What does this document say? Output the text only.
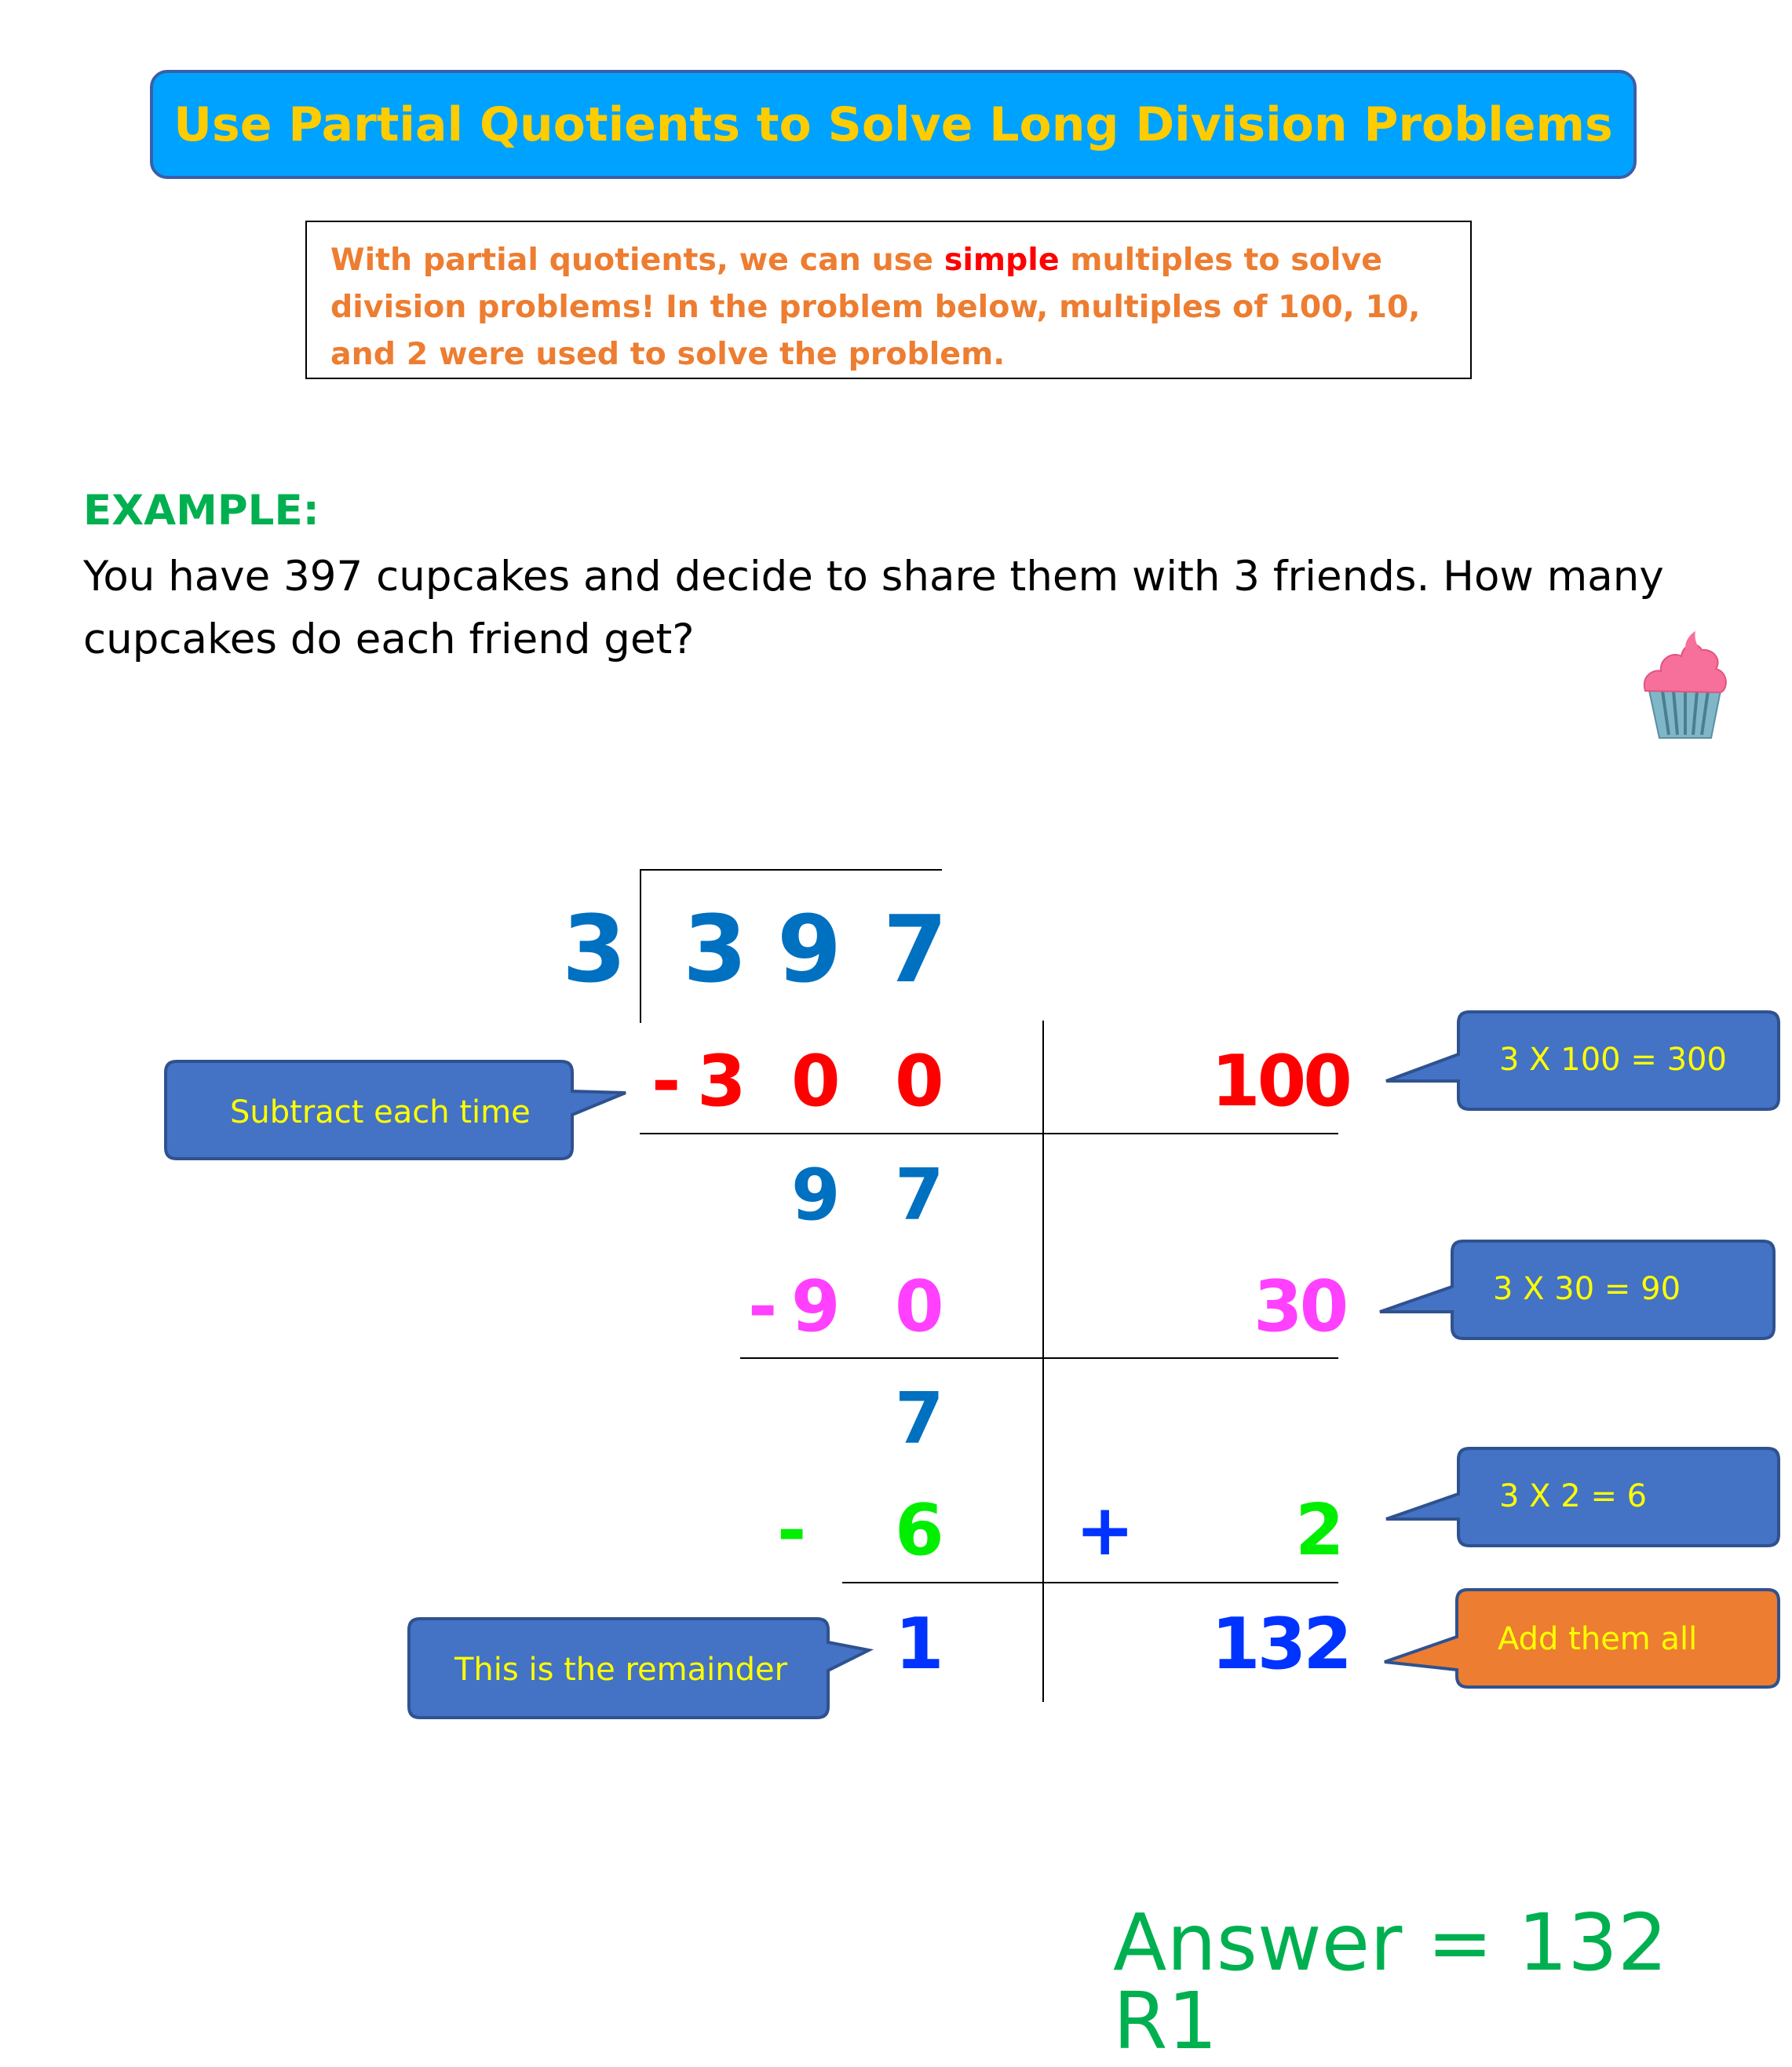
Use Partial Quotients to Solve Long Division Problems

With partial quotients, we can use simple multiples to solve division problems! In the problem below, multiples of 100, 10, and 2 were used to solve the problem.

EXAMPLE:
You have 397 cupcakes and decide to share them with 3 friends. How many cupcakes do each friend get?
3 3 9 7
- 3 0 0	100
9 7
- 9 0	30
7
- 6 + 2
1	132
Subtract each time
3 X 100 = 300
3 X 30 = 90
3 X 2 = 6
This is the remainder
Add them all
Answer = 132 R1
